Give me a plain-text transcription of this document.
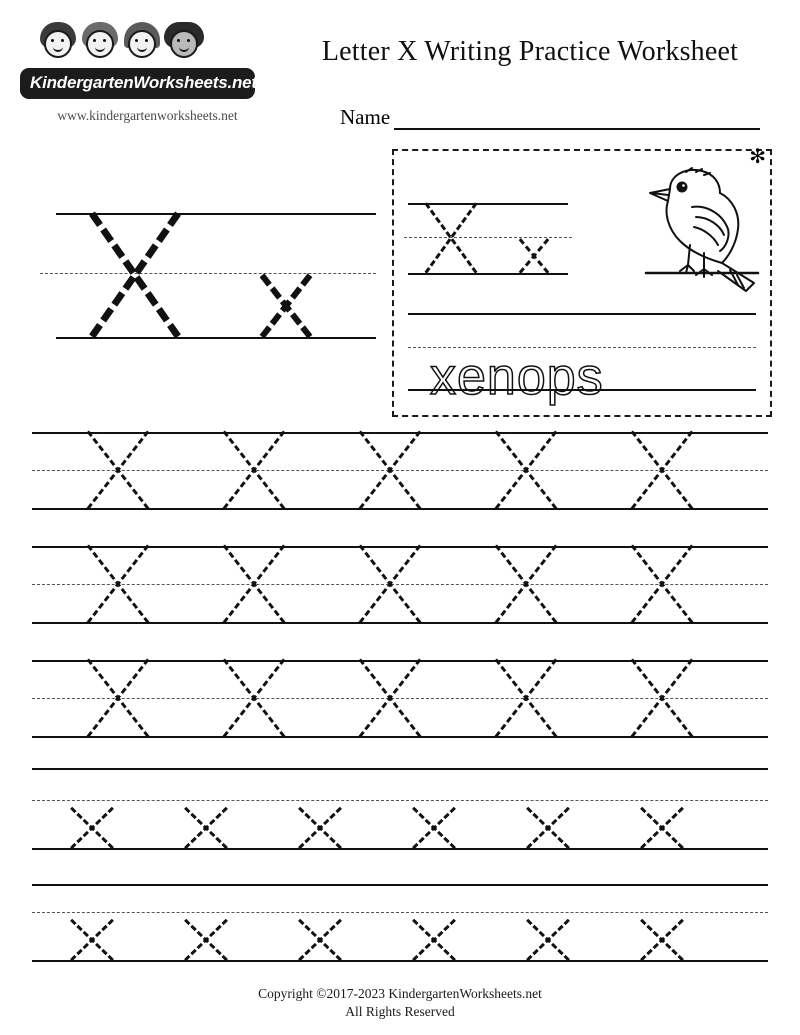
KindergartenWorksheets.net
www.kindergartenworksheets.net
Letter X Writing Practice Worksheet
Name
✻
xenops
Copyright ©2017-2023 KindergartenWorksheets.net
All Rights Reserved
